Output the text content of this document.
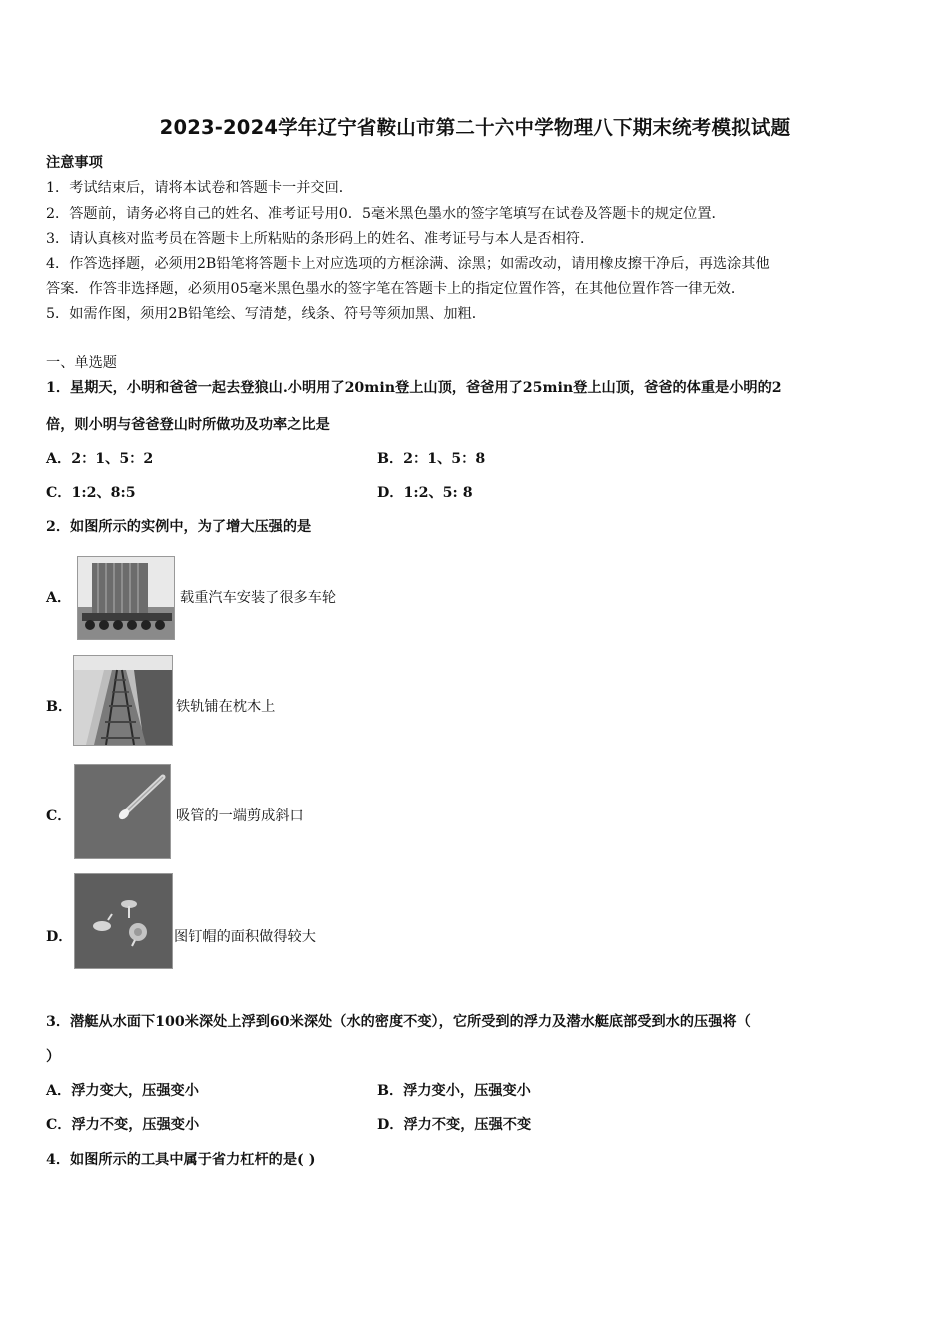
2023-2024学年辽宁省鞍山市第二十六中学物理八下期末统考模拟试题
注意事项
1．考试结束后，请将本试卷和答题卡一并交回．
2．答题前，请务必将自己的姓名、准考证号用0．5毫米黑色墨水的签字笔填写在试卷及答题卡的规定位置．
3．请认真核对监考员在答题卡上所粘贴的条形码上的姓名、准考证号与本人是否相符．
4．作答选择题，必须用2B铅笔将答题卡上对应选项的方框涂满、涂黑；如需改动，请用橡皮擦干净后，再选涂其他
答案．作答非选择题，必须用05毫米黑色墨水的签字笔在答题卡上的指定位置作答，在其他位置作答一律无效．
5．如需作图，须用2B铅笔绘、写清楚，线条、符号等须加黑、加粗．
一、单选题
1．星期天，小明和爸爸一起去登狼山.小明用了20min登上山顶，爸爸用了25min登上山顶，爸爸的体重是小明的2
倍，则小明与爸爸登山时所做功及功率之比是
A．2：1、5：2	B．2：1、5：8
C．1:2、8:5	D．1:2、5: 8
2．如图所示的实例中，为了增大压强的是
A．	载重汽车安装了很多车轮
B．	铁轨铺在枕木上
C．	吸管的一端剪成斜口
D．	图钉帽的面积做得较大
3．潜艇从水面下100米深处上浮到60米深处（水的密度不变），它所受到的浮力及潜水艇底部受到水的压强将（
）
A．浮力变大，压强变小	B．浮力变小，压强变小
C．浮力不变，压强变小	D．浮力不变，压强不变
4．如图所示的工具中属于省力杠杆的是( )
